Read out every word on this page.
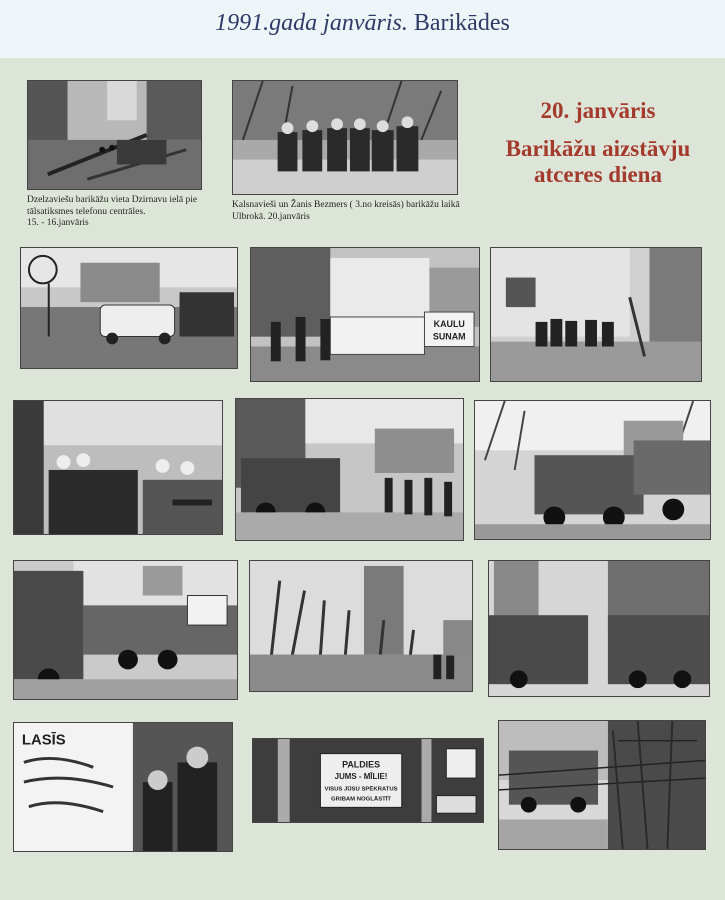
1991.gada janvāris. Barikādes
Dzelzaviešu barikāžu vieta Dzirnavu ielā pie
tālsatiksmes telefonu centrāles.
15. - 16.janvāris
Kalsnavieši un Žanis Bezmers ( 3.no kreisās) barikāžu laikā
Ulbrokā. 20.janvāris
20. janvāris
Barikāžu aizstāvju
atceres diena
KAULU
SUNAM
LASĪS
PALDIES
JUMS - MĪLIE!
VISUS JŪSU SPĒKRATUS
GRIBAM NOGLĀSTĪT
